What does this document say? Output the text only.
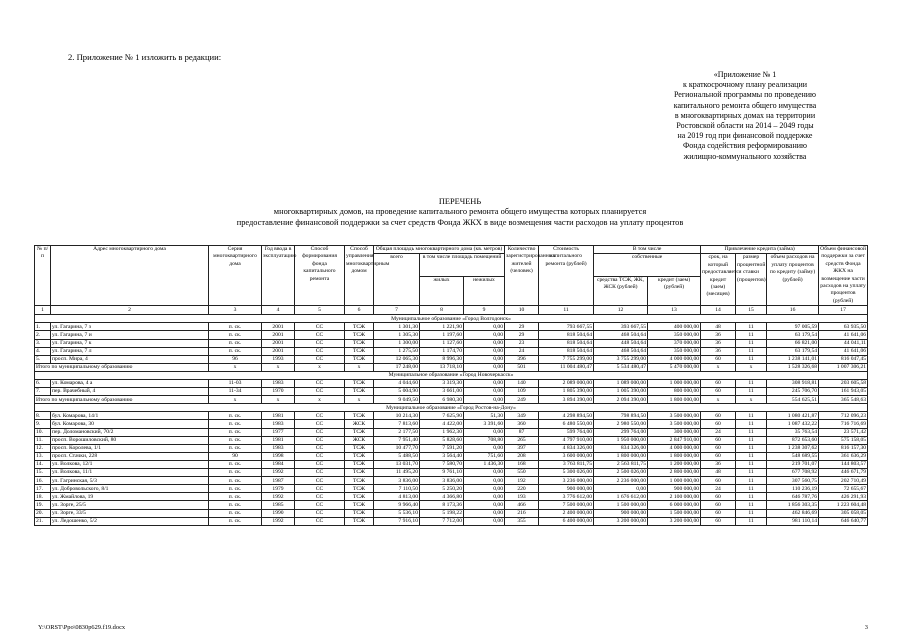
2. Приложение № 1 изложить в редакции:
«Приложение № 1
к краткосрочному плану реализации
Региональной программы по проведению
капитального ремонта общего имущества
в многоквартирных домах на территории
Ростовской области на 2014 – 2049 годы
на 2019 год при финансовой поддержке
Фонда содействия реформированию
жилищно-коммунального хозяйства
ПЕРЕЧЕНЬ
многоквартирных домов, на проведение капитального ремонта общего имущества которых планируется
предоставление финансовой поддержки за счет средств Фонда ЖКХ в виде возмещения части расходов на уплату процентов
№ п/п	Адрес многоквартирного дома	Серия многоквартирного дома	Год ввода в эксплуатацию	Способ формирования фонда капитального ремонта	Способ управления многоквартирным домом	Общая площадь многоквартирного дома (кв. метров)			Количество зарегистрированных жителей (человек)	Стоимость капитального ремонта (рублей)	В том числе		Привлечение кредита (займа)			Объем финансовой поддержки за счет средств Фонда ЖКХ на возмещение части расходов на уплату процентов (рублей)
						всего	в том числе площадь помещений				собственные		срок, на который предоставляется кредит (заем) (месяцев)	размер процентной ставки (процентов)	объем расходов на уплату процентов по кредиту (займу) (рублей)	
							жилых	нежилых			средства ТСЖ, ЖК, ЖСК (рублей)	кредит (заем) (рублей)				
1	2	3	4	5	6	7	8	9	10	11	12	13	14	15	16	17
Муниципальное образование «Город Волгодонск»																
1.	ул. Гагарина, 7 з	п. ск.	2001	СС	ТСЖ	1 301,30	1 221,90	0,00	29	793 667,55	393 667,55	400 000,00	48	11	97 005,59	63 935,50
2.	ул. Гагарина, 7 и	п. ск.	2001	СС	ТСЖ	1 305,30	1 197,60	0,00	29	818 504,64	468 504,64	350 000,00	36	11	63 179,54	41 641,06
3.	ул. Гагарина, 7 к	п. ск.	2001	СС	ТСЖ	1 300,00	1 127,60	0,00	23	818 504,64	448 504,64	370 000,00	36	11	66 821,00	44 041,11
4.	ул. Гагарина, 7 л	п. ск.	2001	СС	ТСЖ	1 275,50	1 174,70	0,00	24	818 504,64	468 504,64	350 000,00	36	11	63 179,54	41 641,06
5.	просп. Мира, 4	96	1993	СС	ТСЖ	12 065,30	8 996,30	0,00	396	7 755 299,00	3 755 299,00	4 000 000,00	60	11	1 238 141,01	816 047,45
Итого по муниципальному образованию		х	х	х	х	17 248,00	13 718,10	0,00	501	11 004 480,47	5 534 480,47	5 470 000,00	х	х	1 528 326,68	1 007 306,21
Муниципальное образование «Город Новочеркасск»																
6.	ул. Комарова, 4 а	11-03	1983	СС	ТСЖ	4 044,60	3 319,30	0,00	140	2 089 000,00	1 089 000,00	1 000 000,00	60	11	308 918,81	203 605,58
7.	пер. Врачебный, 4	11-34	1970	СС	ТСЖ	5 004,90	3 661,00	0,00	109	1 805 390,00	1 005 390,00	800 000,00	60	11	245 706,70	161 943,05
Итого по муниципальному образованию		х	х	х	х	9 049,50	6 980,30	0,00	249	3 894 390,00	2 094 390,00	1 800 000,00	х	х	554 625,51	365 548,63
Муниципальное образование «Город Ростов-на-Дону»																
8.	бул. Комарова, 14/1	п. ск.	1981	СС	ТСЖ	10 214,30	7 625,90	51,30	349	4 298 894,50	798 894,50	3 500 000,00	60	11	1 080 421,87	712 096,23
9.	бул. Комарова, 30	п. ск.	1983	СС	ЖСК	7 813,60	4 422,00	3 391,60	360	6 480 550,00	2 980 550,00	3 500 000,00	60	11	1 087 432,22	716 716,69
10.	пер. Доломановский, 70/2	п. ск.	1977	СС	ТСЖ	2 177,50	1 962,30	0,00	87	599 764,00	299 764,00	300 000,00	24	11	35 763,54	23 571,42
11.	просп. Ворошиловский, 80	п. ск.	1981	СС	ЖСК	7 951,40	5 828,60	708,80	265	4 797 910,00	1 950 000,00	2 847 910,00	60	11	872 653,60	575 158,05
12.	просп. Королева, 1/1	п. ск.	1983	СС	ТСЖ	10 477,70	7 591,20	0,00	397	4 834 326,00	834 326,00	4 000 000,00	60	11	1 238 307,62	816 157,30
13.	просп. Стачки, 228	90	1998	СС	ТСЖ	5 488,50	3 564,40	751,60	208	3 600 000,00	1 800 000,00	1 800 000,00	60	11	548 689,55	361 636,29
14.	ул. Волкова, 12/1	п. ск.	1984	СС	ТСЖ	13 031,70	7 580,70	1 436,30	168	3 763 811,75	2 563 811,75	1 200 000,00	36	11	219 701,07	144 803,57
15.	ул. Волкова, 11/1	п. ск.	1992	СС	ТСЖ	11 495,20	9 761,10	0,00	550	5 300 026,00	2 500 026,00	2 800 000,00	48	11	677 708,92	446 671,79
16.	ул. Гагринская, 5/3	п. ск.	1987	СС	ТСЖ	3 836,00	3 836,00	0,00	192	3 236 000,00	2 236 000,00	1 000 000,00	60	11	307 560,75	202 710,49
17.	ул. Добровольского, 8/1	п. ск.	1979	СС	ТСЖ	7 110,50	5 250,20	0,00	220	900 000,00	0,00	900 000,00	24	11	110 236,19	72 655,67
18.	ул. Жмайлова, 19	п. ск.	1992	СС	ТСЖ	4 813,00	4 366,80	0,00	193	3 776 612,00	1 676 612,00	2 100 000,00	60	11	646 787,76	426 291,93
19.	ул. Зорге, 25/5	п. ск.	1985	СС	ТСЖ	9 966,40	8 173,36	0,00	466	7 500 000,00	1 500 000,00	6 000 000,00	60	11	1 856 303,35	1 223 604,48
20.	ул. Зорге, 33/5	п. ск.	1990	СС	ТСЖ	5 536,10	5 198,22	0,00	216	2 400 000,00	900 000,00	1 500 000,00	60	11	462 846,69	305 058,05
21.	ул. Ледошенко, 5/2	п. ск.	1992	СС	ТСЖ	7 916,10	7 712,00	0,00	355	6 400 000,00	3 200 000,00	3 200 000,00	60	11	981 110,14	646 640,77
Y:\ORST\Ppo\0830p629.f19.docx	3
